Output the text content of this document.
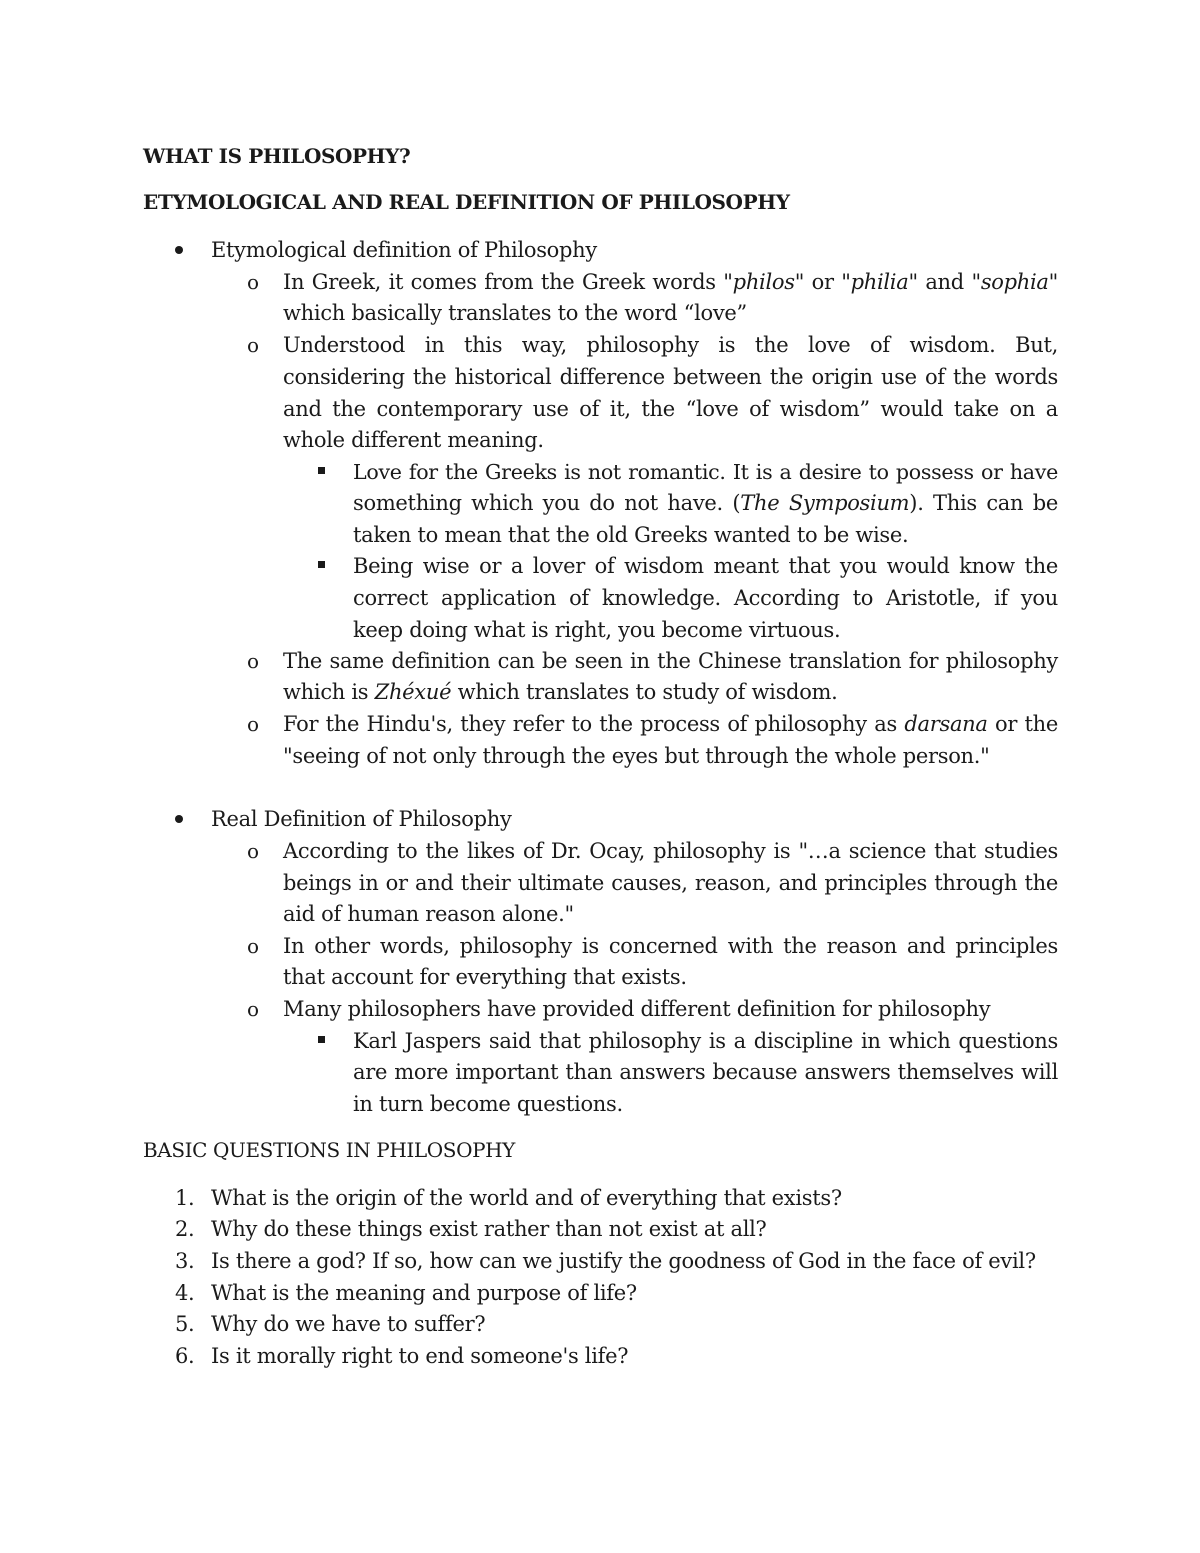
WHAT IS PHILOSOPHY?
ETYMOLOGICAL AND REAL DEFINITION OF PHILOSOPHY
Etymological definition of Philosophy
o In Greek, it comes from the Greek words "philos" or "philia" and "sophia"
which basically translates to the word “love”
o Understood in this way, philosophy is the love of wisdom. But,
considering the historical difference between the origin use of the words
and the contemporary use of it, the “love of wisdom” would take on a
whole different meaning.
Love for the Greeks is not romantic. It is a desire to possess or have
something which you do not have. (The Symposium). This can be
taken to mean that the old Greeks wanted to be wise.
Being wise or a lover of wisdom meant that you would know the
correct application of knowledge. According to Aristotle, if you
keep doing what is right, you become virtuous.
o The same definition can be seen in the Chinese translation for philosophy
which is Zhéxué which translates to study of wisdom.
o For the Hindu's, they refer to the process of philosophy as darsana or the
"seeing of not only through the eyes but through the whole person."
Real Definition of Philosophy
o According to the likes of Dr. Ocay, philosophy is "…a science that studies
beings in or and their ultimate causes, reason, and principles through the
aid of human reason alone."
o In other words, philosophy is concerned with the reason and principles
that account for everything that exists.
o Many philosophers have provided different definition for philosophy
Karl Jaspers said that philosophy is a discipline in which questions
are more important than answers because answers themselves will
in turn become questions.
BASIC QUESTIONS IN PHILOSOPHY
1. What is the origin of the world and of everything that exists?
2. Why do these things exist rather than not exist at all?
3. Is there a god? If so, how can we justify the goodness of God in the face of evil?
4. What is the meaning and purpose of life?
5. Why do we have to suffer?
6. Is it morally right to end someone's life?
